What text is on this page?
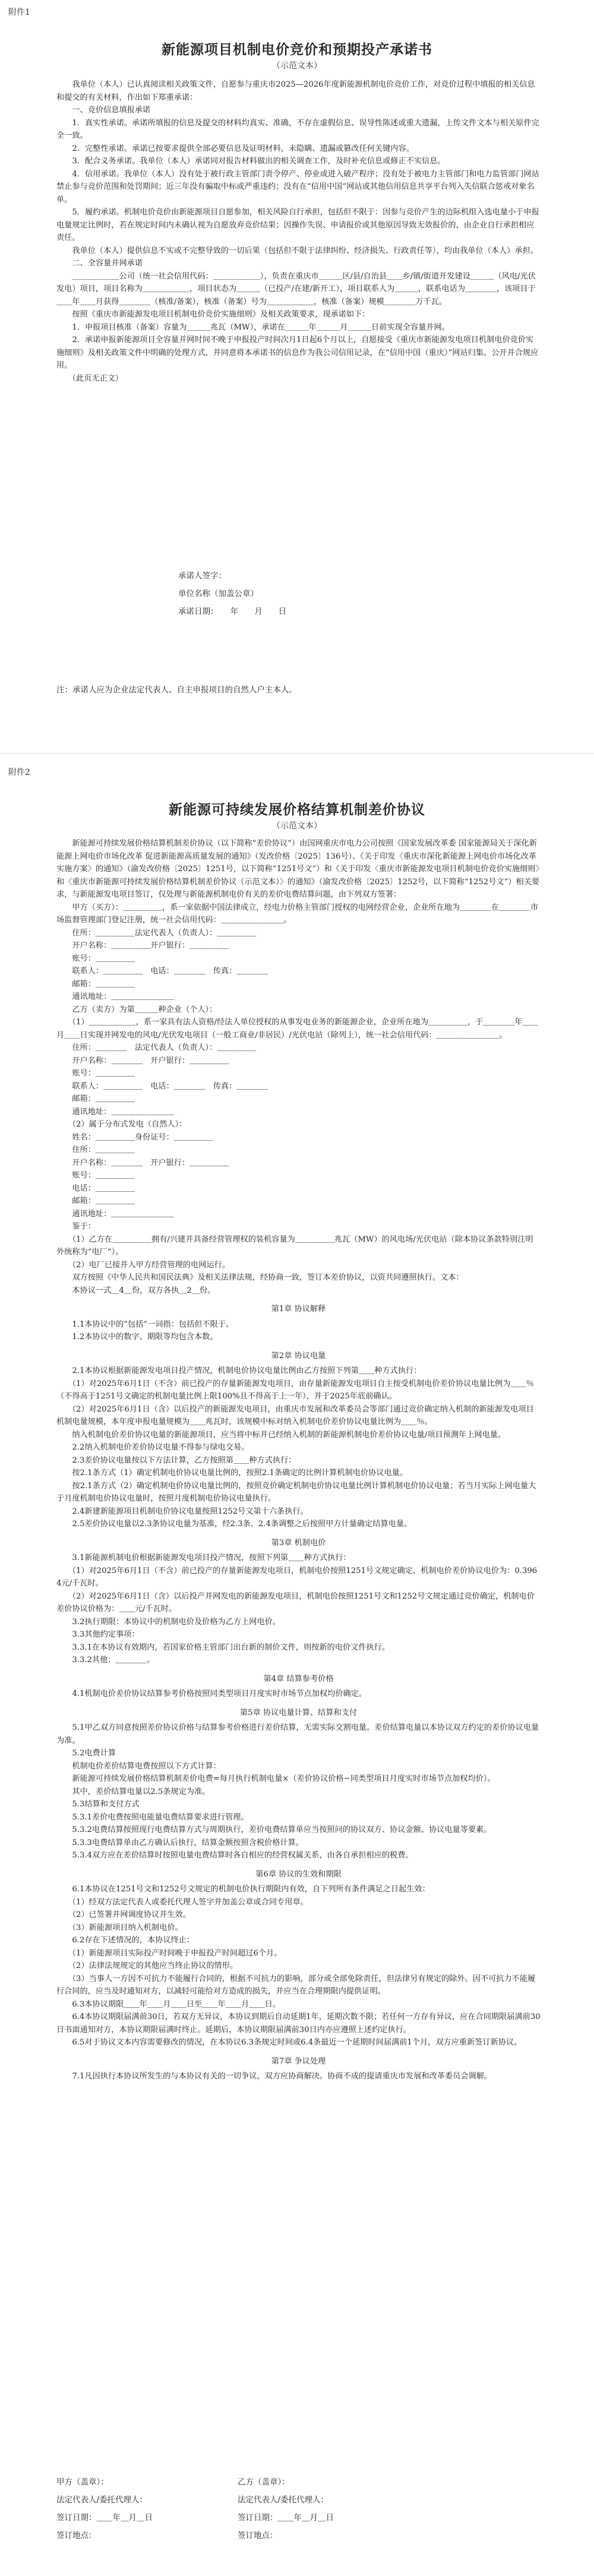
附件1
新能源项目机制电价竞价和预期投产承诺书
（示范文本）

　　我单位（本人）已认真阅读相关政策文件，自愿参与重庆市2025—2026年度新能源机制电价竞价工作，对竞价过程中填报的相关信息和提交的有关材料，作出如下郑重承诺：

　　一、竞价信息填报承诺

　　1．真实性承诺。承诺所填报的信息及提交的材料均真实、准确，不存在虚假信息、误导性陈述或重大遗漏，上传文件文本与相关原件完全一致。

　　2．完整性承诺。承诺已按要求提供全部必要信息及证明材料，未隐瞒、遗漏或篡改任何关键内容。

　　3．配合义务承诺。我单位（本人）承诺同对报告材料做出的相关调查工作，及时补充信息或修正不实信息。

　　4．信用承诺。我单位（本人）没有处于被行政主管部门责令停产、停业或进入破产程序；没有处于被电力主管部门和电力监管部门网站禁止参与竞价范围和处罚期间；近三年没有骗取中标或严重违约；没有在“信用中国”网站或其他信用信息共享平台列入失信联合惩戒对象名单。

　　5．履约承诺。机制电价竞价由新能源项目自愿参加，相关风险自行承担，包括但不限于：因参与竞价产生的边际机组入选电量小于申报电量规定比例时，若在规定时间内未确认视为自愿放弃竞价结果；因操作失误、申请报价或其他原因导致无效报价的，由企业自行承担相应责任。

　　我单位（本人）提供信息不实或不完整导致的一切后果（包括但不限于法律纠纷、经济损失、行政责任等），均由我单位（本人）承担。

　　二、全容量并网承诺

　　＿＿＿＿＿＿公司（统一社会信用代码：＿＿＿＿＿＿），负责在重庆市＿＿＿区/县/自治县＿＿乡/镇/街道开发建设＿＿＿（风电/光伏发电）项目，项目名称为＿＿＿＿＿＿，项目状态为＿＿＿（已投产/在建/新开工），项目联系人为＿＿＿，联系电话为＿＿＿＿，该项目于＿＿年＿＿月获得＿＿＿＿（核准/备案），核准（备案）号为＿＿＿＿＿＿，核准（备案）规模＿＿＿＿万千瓦。

　　按照《重庆市新能源发电项目机制电价竞价实施细则》及相关政策要求，现承诺如下：

　　1．申报项目核准（备案）容量为＿＿＿兆瓦（MW），承诺在＿＿＿年＿＿＿月＿＿＿日前实现全容量并网。

　　2．承诺申报新能源项目全容量并网时间不晚于申报投产时间次月1日起6个月以上，自愿接受《重庆市新能源发电项目机制电价竞价实施细则》及相关政策文件中明确的处理方式，并同意将本承诺书的信息作为我公司信用记录，在“信用中国（重庆）”网站归集、公开并合规应用。

　　（此页无正文）

承诺人签字：
单位名称（加盖公章）
承诺日期：　　年　　月　　日
注：承诺人应为企业法定代表人、自主申报项目的自然人户主本人。
附件2
新能源可持续发展价格结算机制差价协议
（示范文本）

　　新能源可持续发展价格结算机制差价协议（以下简称“差价协议”）由国网重庆市电力公司按照《国家发展改革委 国家能源局关于深化新能源上网电价市场化改革 促进新能源高质量发展的通知》（发改价格〔2025〕136号）、《关于印发〈重庆市深化新能源上网电价市场化改革实施方案〉的通知》（渝发改价格〔2025〕1251号，以下简称“1251号文”）和《关于印发〈重庆市新能源发电项目机制电价竞价实施细则〉和〈重庆市新能源可持续发展价格结算机制差价协议（示范文本）〉的通知》（渝发改价格〔2025〕1252号，以下简称“1252号文”）相关要求，与新能源发电项目签订，仅处理与新能源机制电价有关的差价电费结算问题，由下列双方签署：

　　甲方（买方）：＿＿＿＿＿，系一家依据中国法律成立，经电力价格主管部门授权的电网经营企业，企业所在地为＿＿＿＿在＿＿＿＿市场监督管理部门登记注册，统一社会信用代码：＿＿＿＿＿＿＿＿。

　　住所：＿＿＿＿＿法定代表人（负责人）：＿＿＿＿＿

　　开户名称：＿＿＿＿＿开户银行：＿＿＿＿＿

　　账号：＿＿＿＿＿

　　联系人：＿＿＿＿＿　电话：＿＿＿＿　传真：＿＿＿＿

　　邮箱：＿＿＿＿＿

　　通讯地址：＿＿＿＿＿＿＿＿

　　乙方（卖方）为第＿＿＿种企业（个人）：

　　（1）＿＿＿＿＿＿，系一家具有法人资格/经法人单位授权的从事发电业务的新能源企业，企业所在地为＿＿＿＿＿，于＿＿＿＿年＿＿月＿＿日实现并网发电的风电/光伏发电项目（一般工商业/非居民）/光伏电站（除列上），统一社会信用代码：＿＿＿＿＿＿＿＿。

　　住所：＿＿＿＿　法定代表人（负责人）：＿＿＿＿＿

　　开户名称：＿＿＿＿　开户银行：＿＿＿＿＿

　　账号：＿＿＿＿＿

　　联系人：＿＿＿＿＿　电话：＿＿＿＿　传真：＿＿＿＿

　　邮箱：＿＿＿＿＿

　　通讯地址：＿＿＿＿＿＿＿＿

　　（2）属于分布式发电（自然人）：

　　姓名：＿＿＿＿＿身份证号：＿＿＿＿＿

　　住所：＿＿＿＿＿

　　开户名称：＿＿＿＿　开户银行：＿＿＿＿＿

　　账号：＿＿＿＿＿

　　电话：＿＿＿＿＿

　　邮箱：＿＿＿＿＿

　　通讯地址：＿＿＿＿＿＿＿＿

　　鉴于：

　　（1）乙方在＿＿＿＿＿拥有/兴建并具备经营管理权的装机容量为＿＿＿＿＿兆瓦（MW）的风电场/光伏电站（除本协议条款特别注明外统称为“电厂”）。

　　（2）电厂已接并入甲方经营管理的电网运行。

　　双方按照《中华人民共和国民法典》及相关法律法规，经协商一致，签订本差价协议，以资共同遵照执行。文本：

　　本协议一式＿4＿份，双方各执＿2＿份。

第1章 协议解释

　　1.1本协议中的“包括”一词指：包括但不限于。

　　1.2本协议中的数字、期限等均包含本数。

第2章 协议电量

　　2.1本协议根据新能源发电项目投产情况，机制电价协议电量比例由乙方按照下列第＿＿种方式执行：

　　（1）对2025年6月1日（不含）前已投产的存量新能源发电项目，由存量新能源发电项目自主按受机制电价差价协议电量比例为＿＿％（不得高于1251号文确定的机制电量比例上限100%且不得高于上一年），并于2025年底前确认。

　　（2）对2025年6月1日（含）以后投产的新能源发电项目，由重庆市发展和改革委员会等部门通过竞价确定纳入机制的新能源发电项目机制电量规模，本年度申报电量规模为＿＿兆瓦时，该规模中标对纳入机制电价差价协议电量比例为＿＿％。

　　纳入机制电价差价协议电量的新能源项目，应当将中标并已经纳入机制的新能源机制电价差价协议电量/项目预测年上网电量。

　　2.2纳入机制电价差价协议电量不得参与绿电交易。

　　2.3差价协议电量按以下方法计算，乙方按照第＿＿种方式执行：

　　按2.1条方式（1）确定机制电价协议电量比例的，按照2.1条确定的比例计算机制电价协议电量。

　　按2.1条方式（2）确定机制电价协议电量比例的，按照竞价确定机制电价协议电量比例计算机制电价协议电量；若当月实际上网电量大于月度机制电价协议电量时，按照月度机制电价协议电量执行。

　　2.4新建新能源项目机制电价协议电量按照1252号文第十六条执行。

　　2.5差价协议电量以2.3条协议电量为基准，经2.3条、2.4条调整之后按照甲方计量确定结算电量。

第3章 机制电价

　　3.1新能源机制电价根据新能源发电项目投产情况，按照下列第＿＿种方式执行：

　　（1）对2025年6月1日（不含）前已投产的存量新能源发电项目，机制电价按照1251号文规定确定，机制电价差价协议电价为：0.3964元/千瓦时。

　　（2）对2025年6月1日（含）以后投产并网发电的新能源发电项目，机制电价按照1251号文和1252号文规定通过竞价确定，机制电价差价协议价格为：＿＿元/千瓦时。

　　3.2执行期限：本协议中的机制电价及价格为乙方上网电价。

　　3.3其他约定事项：

　　3.3.1在本协议有效期内，若国家价格主管部门出台新的制价文件，则按新的电价文件执行。

　　3.3.2其他：＿＿＿＿。

第4章 结算参考价格

　　4.1机制电价差价协议结算参考价格按照同类型项目月度实时市场节点加权均价确定。

第5章 协议电量计算、结算和支付

　　5.1甲乙双方同意按照差价协议价格与结算参考价格进行差价结算，无需实际交割电量。差价结算电量以本协议双方约定的差价协议电量为准。

　　5.2电费计算

　　机制电价差价结算电费按照以下方式计算：

　　新能源可持续发展价格结算机制差价电费=每月执行机制电量×（差价协议价格−同类型项目月度实时市场节点加权均价）。

　　其中，差价结算电量以2.5条规定为准。

　　5.3结算和支付方式

　　5.3.1差价电费按照电能量电费结算要求进行管理。

　　5.3.2电费结算按照现行电费结算方式与周期执行，差价电费结算单应当按照问的协议双方、协议金额、协议电量等要素。

　　5.3.3电费结算单由乙方确认后执行，结算金额按照含税价格计算。

　　5.3.4双方应在差价结算时按照电量电费结算时各自相应的经营权属关系，由各自承担相应的税费。

第6章 协议的生效和期限

　　6.1本协议在1251号文和1252号文规定的机制电价执行期限内有效，自下列所有条件满足之日起生效：

　　（1）经双方法定代表人或委托代理人签字并加盖公章或合同专用章。

　　（2）已签署并网调度协议并生效。

　　（3）新能源项目纳入机制电价。

　　6.2存在下述情况的，本协议终止：

　　（1）新能源项目实际投产时间晚于申报投产时间超过6个月。

　　（2）法律法规规定的其他应当终止协议的情形。

　　（3）当事人一方因不可抗力不能履行合同的，根据不可抗力的影响，部分或全部免除责任，但法律另有规定的除外。因不可抗力不能履行合同的，应当及时通知对方，以减轻可能给对方造成的损失，并应当在合理期限内提供证明。

　　6.3本协议期限＿＿年＿＿月＿＿日至＿＿年＿＿月＿＿日。

　　6.4本协议期限届满前30日，若双方无异议，本协议到期后自动延期1年，延期次数不限；若任何一方存有异议，应在合同期限届满前30日书面通知对方，本协议期限届满时终止。延期后，本协议期限届满前30日内亦应遵照上述约定执行。

　　6.5对于协议文本内容需要修改的情况，在本协议6.3条规定时间或6.4条最近一个延期时间届满前1个月，双方应重新签订新协议。

第7章 争议处理

　　7.1凡因执行本协议所发生的与本协议有关的一切争议，双方应协商解决。协商不成的提请重庆市发展和改革委员会调解。

甲方（盖章）：
法定代表人/委托代理人：
签订日期：＿＿年＿月＿日
签订地点：
乙方（盖章）：
法定代表人/委托代理人：
签订日期：＿＿年＿月＿日
签订地点：
